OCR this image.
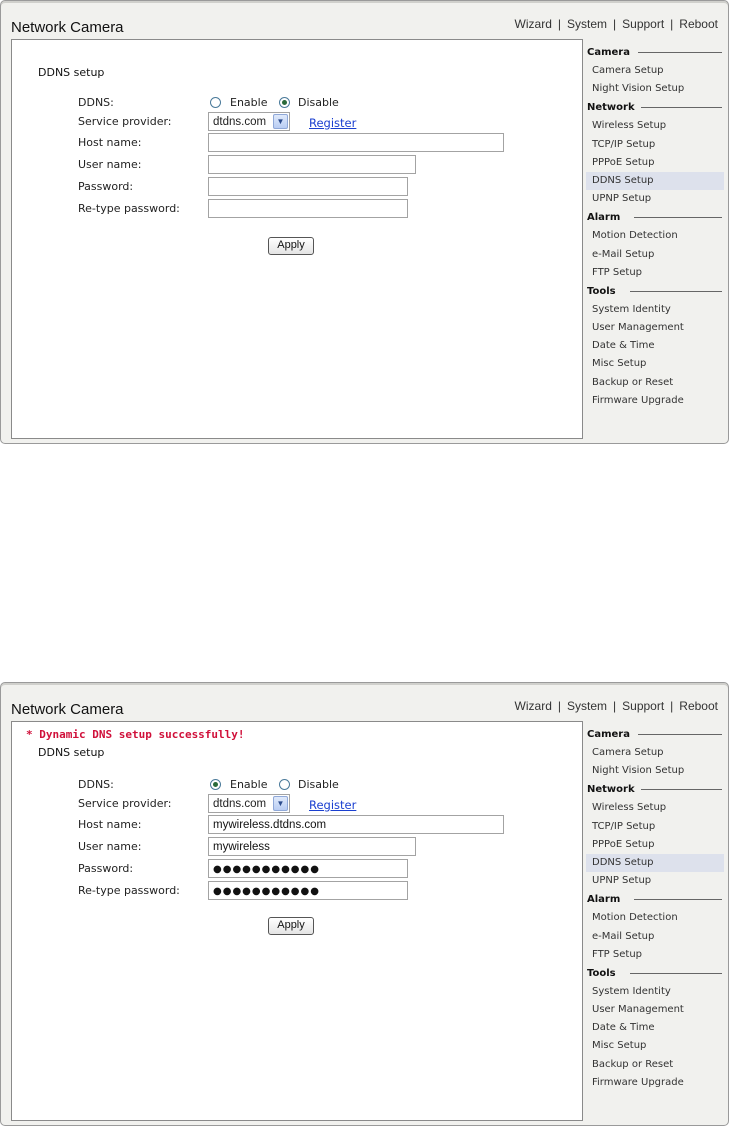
Network Camera	Wizard | System | Support | Reboot
DDNS setup
DDNS:	Enable	Disable
Service provider:	dtdns.com	▼	Register
Host name:
User name:
Password:
Re-type password:
Apply
Camera
Camera Setup
Night Vision Setup
Network
Wireless Setup
TCP/IP Setup
PPPoE Setup
DDNS Setup
UPNP Setup
Alarm
Motion Detection
e-Mail Setup
FTP Setup
Tools
System Identity
User Management
Date & Time
Misc Setup
Backup or Reset
Firmware Upgrade
Network Camera	Wizard | System | Support | Reboot
* Dynamic DNS setup successfully!
DDNS setup
DDNS:	Enable	Disable
Service provider:	dtdns.com	▼	Register
Host name:	mywireless.dtdns.com
User name:	mywireless
Password:	●●●●●●●●●●●
Re-type password:	●●●●●●●●●●●
Apply
Camera
Camera Setup
Night Vision Setup
Network
Wireless Setup
TCP/IP Setup
PPPoE Setup
DDNS Setup
UPNP Setup
Alarm
Motion Detection
e-Mail Setup
FTP Setup
Tools
System Identity
User Management
Date & Time
Misc Setup
Backup or Reset
Firmware Upgrade
